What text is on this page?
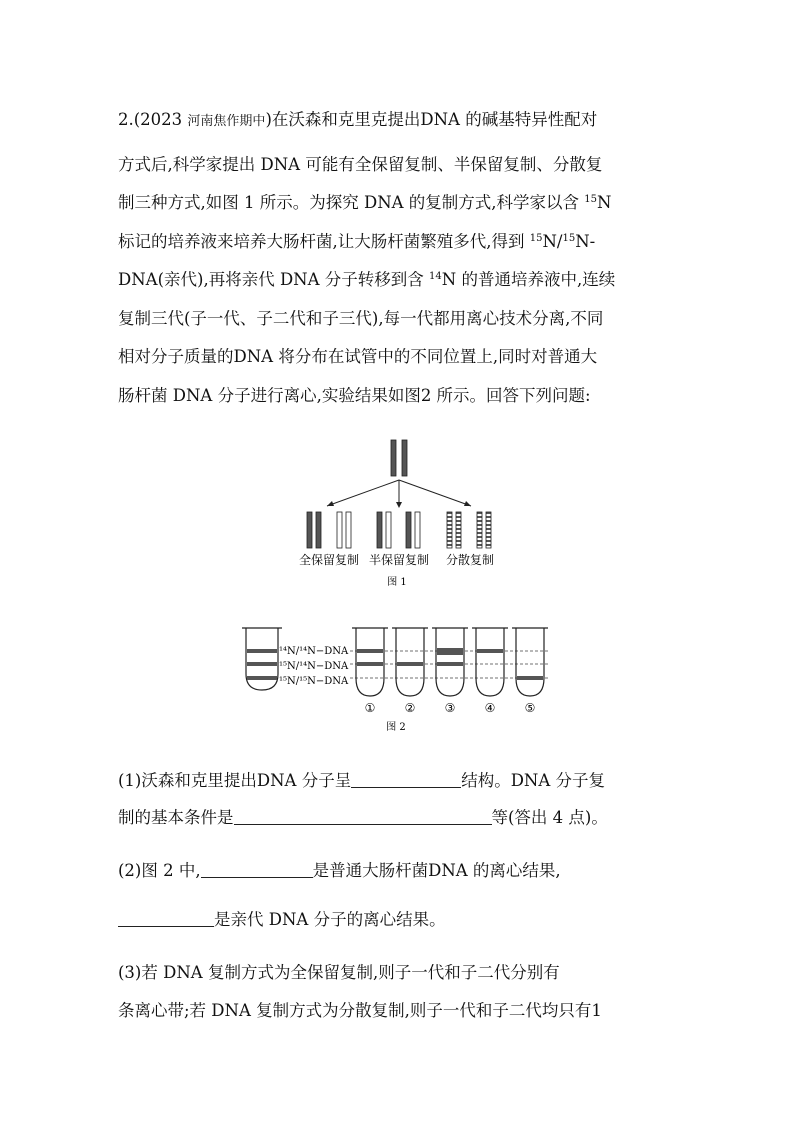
2.(2023 河南焦作期中)在沃森和克里克提出DNA 的碱基特异性配对
方式后,科学家提出 DNA 可能有全保留复制、半保留复制、分散复
制三种方式,如图 1 所示。为探究 DNA 的复制方式,科学家以含 $^{15}$N
标记的培养液来培养大肠杆菌,让大肠杆菌繁殖多代,得到 $^{15}$N/$^{15}$N-
DNA(亲代),再将亲代 DNA 分子转移到含 $^{14}$N 的普通培养液中,连续
复制三代(子一代、子二代和子三代),每一代都用离心技术分离,不同
相对分子质量的DNA 将分布在试管中的不同位置上,同时对普通大
肠杆菌 DNA 分子进行离心,实验结果如图2 所示。回答下列问题:
全保留复制 半保留复制 分散复制
图 1
¹⁴N/¹⁴N−DNA
¹⁵N/¹⁴N−DNA
¹⁵N/¹⁵N−DNA
① ② ③ ④ ⑤
图 2
(1)沃森和克里提出DNA 分子呈	结构。DNA 分子复
制的基本条件是	等(答出 4 点)。
(2)图 2 中,	是普通大肠杆菌DNA 的离心结果,
是亲代 DNA 分子的离心结果。
(3)若 DNA 复制方式为全保留复制,则子一代和子二代分别有
条离心带;若 DNA 复制方式为分散复制,则子一代和子二代均只有1
